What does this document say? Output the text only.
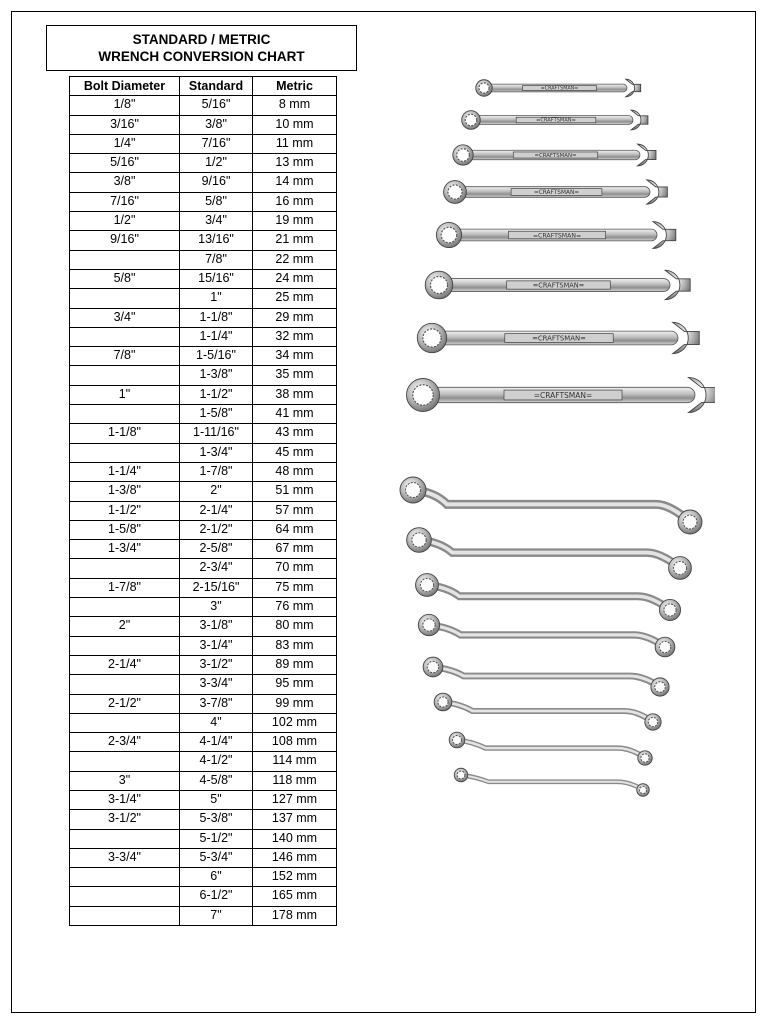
STANDARD / METRIC
WRENCH CONVERSION CHART
Bolt Diameter	Standard	Metric
1/8"	5/16"	8 mm
3/16"	3/8"	10 mm
1/4"	7/16"	11 mm
5/16"	1/2"	13 mm
3/8"	9/16"	14 mm
7/16"	5/8"	16 mm
1/2"	3/4"	19 mm
9/16"	13/16"	21 mm
	7/8"	22 mm
5/8"	15/16"	24 mm
	1"	25 mm
3/4"	1-1/8"	29 mm
	1-1/4"	32 mm
7/8"	1-5/16"	34 mm
	1-3/8"	35 mm
1"	1-1/2"	38 mm
	1-5/8"	41 mm
1-1/8"	1-11/16"	43 mm
	1-3/4"	45 mm
1-1/4"	1-7/8"	48 mm
1-3/8"	2"	51 mm
1-1/2"	2-1/4"	57 mm
1-5/8"	2-1/2"	64 mm
1-3/4"	2-5/8"	67 mm
	2-3/4"	70 mm
1-7/8"	2-15/16"	75 mm
	3"	76 mm
2"	3-1/8"	80 mm
	3-1/4"	83 mm
2-1/4"	3-1/2"	89 mm
	3-3/4"	95 mm
2-1/2"	3-7/8"	99 mm
	4"	102 mm
2-3/4"	4-1/4"	108 mm
	4-1/2"	114 mm
3"	4-5/8"	118 mm
3-1/4"	5"	127 mm
3-1/2"	5-3/8"	137 mm
	5-1/2"	140 mm
3-3/4"	5-3/4"	146 mm
	6"	152 mm
	6-1/2"	165 mm
	7"	178 mm
=CRAFTSMAN=
=CRAFTSMAN=
=CRAFTSMAN=
=CRAFTSMAN=
=CRAFTSMAN=
=CRAFTSMAN=
=CRAFTSMAN=
=CRAFTSMAN=
